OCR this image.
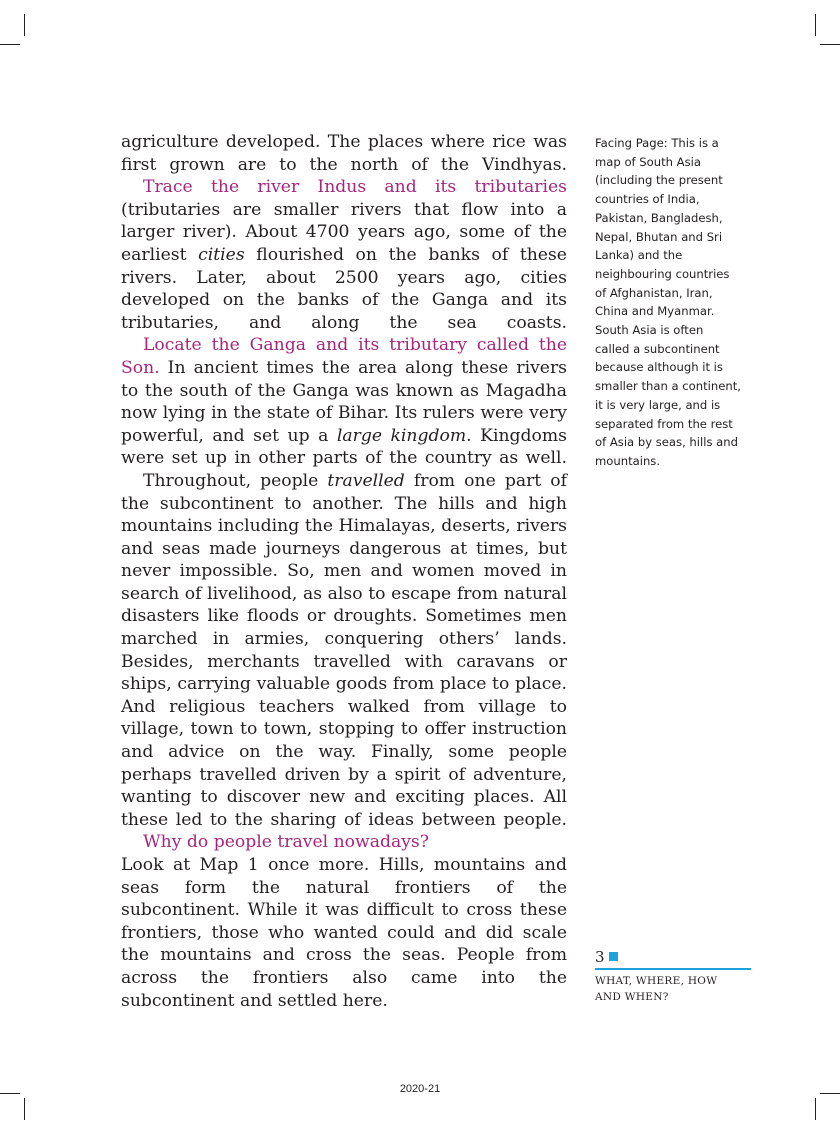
agriculture developed. The places where rice was first grown are to the north of the Vindhyas.

Trace the river Indus and its tributaries (tributaries are smaller rivers that flow into a larger river). About 4700 years ago, some of the earliest cities flourished on the banks of these rivers. Later, about 2500 years ago, cities developed on the banks of the Ganga and its tributaries, and along the sea coasts.

Locate the Ganga and its tributary called the Son. In ancient times the area along these rivers to the south of the Ganga was known as Magadha now lying in the state of Bihar. Its rulers were very powerful, and set up a large kingdom. Kingdoms were set up in other parts of the country as well.

Throughout, people travelled from one part of the subcontinent to another. The hills and high mountains including the Himalayas, deserts, rivers and seas made journeys dangerous at times, but never impossible. So, men and women moved in search of livelihood, as also to escape from natural disasters like floods or droughts. Sometimes men marched in armies, conquering others’ lands. Besides, merchants travelled with caravans or ships, carrying valuable goods from place to place. And religious teachers walked from village to village, town to town, stopping to offer instruction and advice on the way. Finally, some people perhaps travelled driven by a spirit of adventure, wanting to discover new and exciting places. All these led to the sharing of ideas between people.

Why do people travel nowadays?

Look at Map 1 once more. Hills, mountains and seas form the natural frontiers of the subcontinent. While it was difficult to cross these frontiers, those who wanted could and did scale the mountains and cross the seas. People from across the frontiers also came into the subcontinent and settled here.

Facing Page: This is a
map of South Asia
(including the present
countries of India,
Pakistan, Bangladesh,
Nepal, Bhutan and Sri
Lanka) and the
neighbouring countries
of Afghanistan, Iran,
China and Myanmar.
South Asia is often
called a subcontinent
because although it is
smaller than a continent,
it is very large, and is
separated from the rest
of Asia by seas, hills and
mountains.
3
WHAT, WHERE, HOW
AND WHEN?
2020-21
